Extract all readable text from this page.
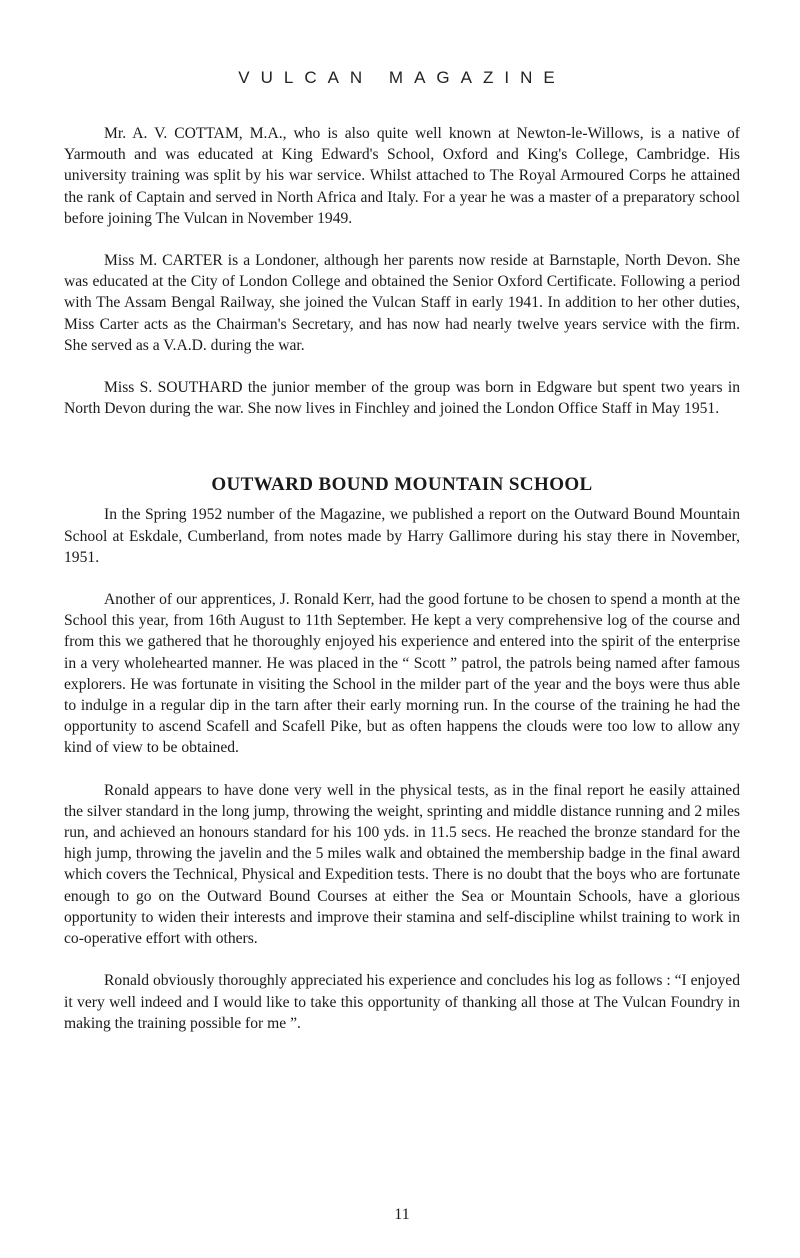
VULCAN MAGAZINE

Mr. A. V. COTTAM, M.A., who is also quite well known at Newton-le-Willows, is a native of Yarmouth and was educated at King Edward's School, Oxford and King's College, Cambridge. His university training was split by his war service. Whilst attached to The Royal Armoured Corps he attained the rank of Captain and served in North Africa and Italy. For a year he was a master of a preparatory school before joining The Vulcan in November 1949.

Miss M. CARTER is a Londoner, although her parents now reside at Barnstaple, North Devon. She was educated at the City of London College and obtained the Senior Oxford Certificate. Following a period with The Assam Bengal Railway, she joined the Vulcan Staff in early 1941. In addition to her other duties, Miss Carter acts as the Chairman's Secretary, and has now had nearly twelve years service with the firm. She served as a V.A.D. during the war.

Miss S. SOUTHARD the junior member of the group was born in Edgware but spent two years in North Devon during the war. She now lives in Finchley and joined the London Office Staff in May 1951.

OUTWARD BOUND MOUNTAIN SCHOOL

In the Spring 1952 number of the Magazine, we published a report on the Outward Bound Mountain School at Eskdale, Cumberland, from notes made by Harry Gallimore during his stay there in November, 1951.

Another of our apprentices, J. Ronald Kerr, had the good fortune to be chosen to spend a month at the School this year, from 16th August to 11th September. He kept a very comprehensive log of the course and from this we gathered that he thoroughly enjoyed his experience and entered into the spirit of the enterprise in a very wholehearted manner. He was placed in the “ Scott ” patrol, the patrols being named after famous explorers. He was fortunate in visiting the School in the milder part of the year and the boys were thus able to indulge in a regular dip in the tarn after their early morning run. In the course of the training he had the opportunity to ascend Scafell and Scafell Pike, but as often happens the clouds were too low to allow any kind of view to be obtained.

Ronald appears to have done very well in the physical tests, as in the final report he easily attained the silver standard in the long jump, throwing the weight, sprinting and middle distance running and 2 miles run, and achieved an honours standard for his 100 yds. in 11.5 secs. He reached the bronze standard for the high jump, throwing the javelin and the 5 miles walk and obtained the membership badge in the final award which covers the Technical, Physical and Expedition tests. There is no doubt that the boys who are fortunate enough to go on the Outward Bound Courses at either the Sea or Mountain Schools, have a glorious opportunity to widen their interests and improve their stamina and self-discipline whilst training to work in co-operative effort with others.

Ronald obviously thoroughly appreciated his experience and concludes his log as follows : “I enjoyed it very well indeed and I would like to take this opportunity of thanking all those at The Vulcan Foundry in making the training possible for me ”.

11
